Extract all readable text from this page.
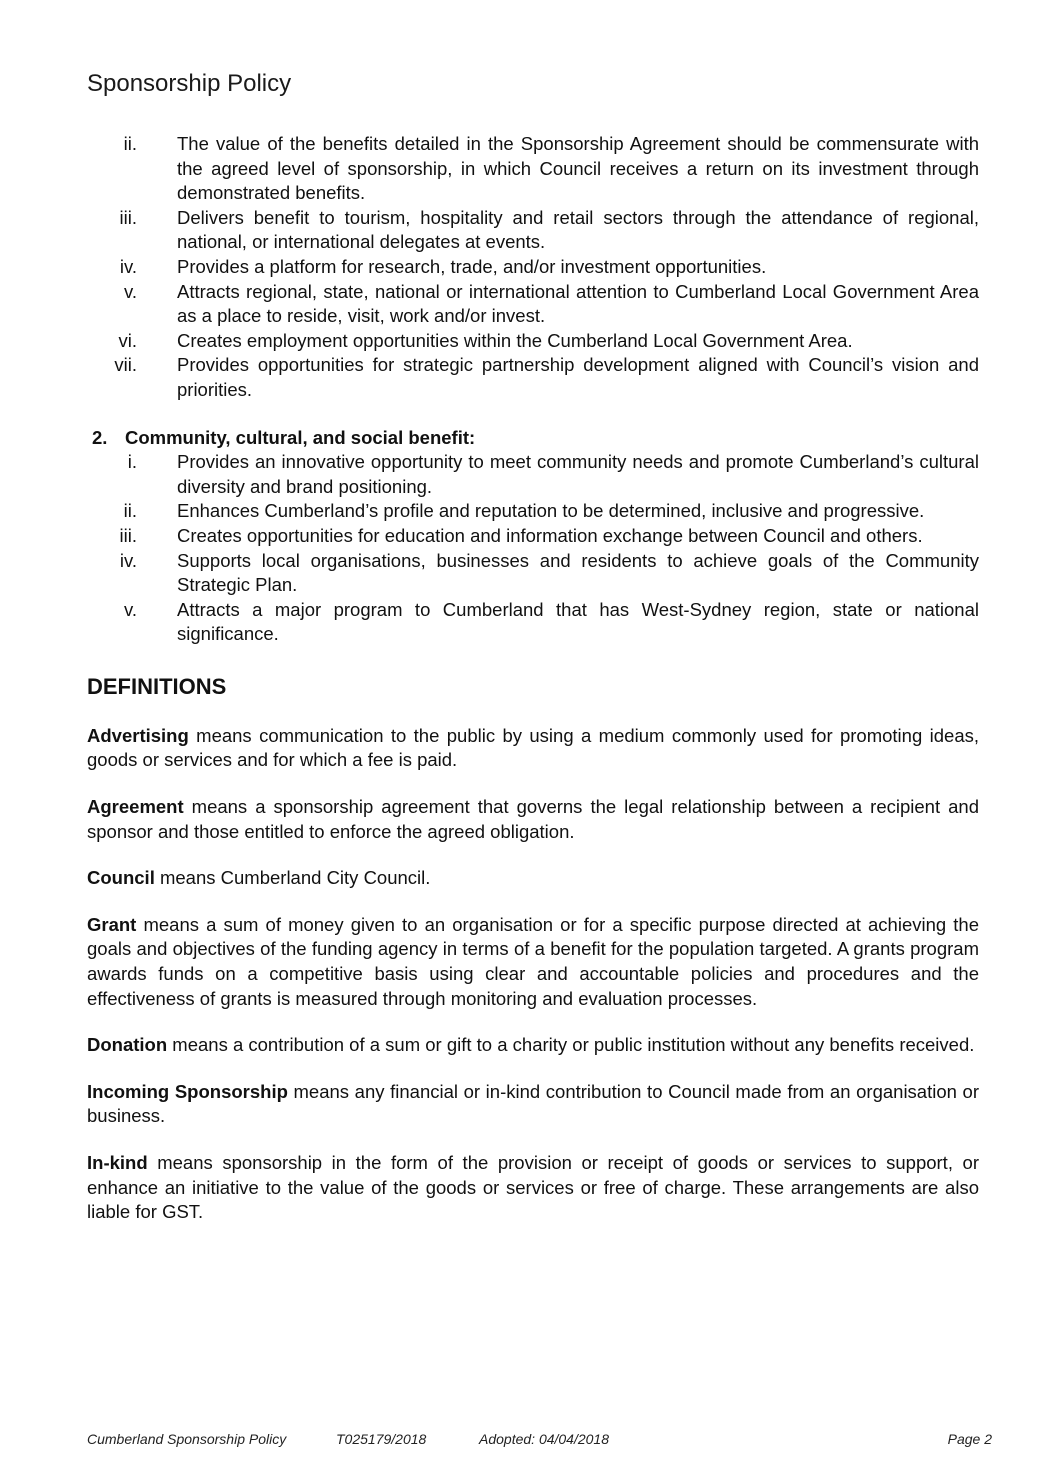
Sponsorship Policy
ii. The value of the benefits detailed in the Sponsorship Agreement should be commensurate with the agreed level of sponsorship, in which Council receives a return on its investment through demonstrated benefits.
iii. Delivers benefit to tourism, hospitality and retail sectors through the attendance of regional, national, or international delegates at events.
iv. Provides a platform for research, trade, and/or investment opportunities.
v. Attracts regional, state, national or international attention to Cumberland Local Government Area as a place to reside, visit, work and/or invest.
vi. Creates employment opportunities within the Cumberland Local Government Area.
vii. Provides opportunities for strategic partnership development aligned with Council’s vision and priorities.
2. Community, cultural, and social benefit:
i. Provides an innovative opportunity to meet community needs and promote Cumberland’s cultural diversity and brand positioning.
ii. Enhances Cumberland’s profile and reputation to be determined, inclusive and progressive.
iii. Creates opportunities for education and information exchange between Council and others.
iv. Supports local organisations, businesses and residents to achieve goals of the Community Strategic Plan.
v. Attracts a major program to Cumberland that has West-Sydney region, state or national significance.
DEFINITIONS

Advertising means communication to the public by using a medium commonly used for promoting ideas, goods or services and for which a fee is paid.

Agreement means a sponsorship agreement that governs the legal relationship between a recipient and sponsor and those entitled to enforce the agreed obligation.

Council means Cumberland City Council.

Grant means a sum of money given to an organisation or for a specific purpose directed at achieving the goals and objectives of the funding agency in terms of a benefit for the population targeted. A grants program awards funds on a competitive basis using clear and accountable policies and procedures and the effectiveness of grants is measured through monitoring and evaluation processes.

Donation means a contribution of a sum or gift to a charity or public institution without any benefits received.

Incoming Sponsorship means any financial or in-kind contribution to Council made from an organisation or business.

In-kind means sponsorship in the form of the provision or receipt of goods or services to support, or enhance an initiative to the value of the goods or services or free of charge. These arrangements are also liable for GST.

Cumberland Sponsorship Policy	T025179/2018	Adopted: 04/04/2018	Page 2
